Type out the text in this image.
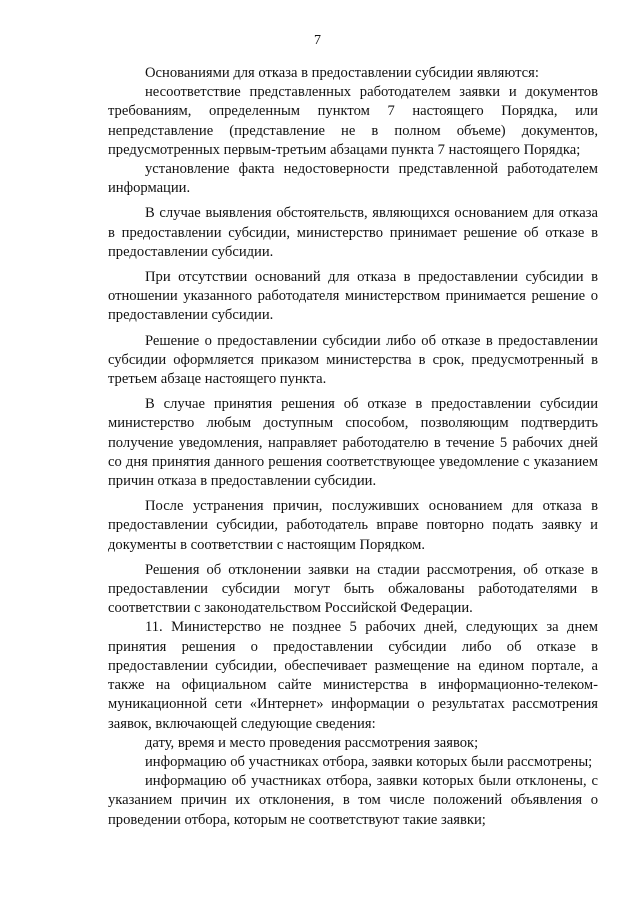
7

Основаниями для отказа в предоставлении субсидии являются:

несоответствие представленных работодателем заявки и документов требованиям, определенным пунктом 7 настоящего Порядка, или непредставление (представление не в полном объеме) документов, предусмотренных первым-третьим абзацами пункта 7 настоящего Порядка;

установление факта недостоверности представленной работодателем информации.

В случае выявления обстоятельств, являющихся основанием для отказа в предоставлении субсидии, министерство принимает решение об отказе в предоставлении субсидии.

При отсутствии оснований для отказа в предоставлении субсидии в отношении указанного работодателя министерством принимается решение о предоставлении субсидии.

Решение о предоставлении субсидии либо об отказе в предоставлении субсидии оформляется приказом министерства в срок, предусмотренный в третьем абзаце настоящего пункта.

В случае принятия решения об отказе в предоставлении субсидии министерство любым доступным способом, позволяющим подтвердить получение уведомления, направляет работодателю в течение 5 рабочих дней со дня принятия данного решения соответствующее уведомление с указанием причин отказа в предоставлении субсидии.

После устранения причин, послуживших основанием для отказа в предоставлении субсидии, работодатель вправе повторно подать заявку и документы в соответствии с настоящим Порядком.

Решения об отклонении заявки на стадии рассмотрения, об отказе в предоставлении субсидии могут быть обжалованы работодателями в соответствии с законодательством Российской Федерации.

11. Министерство не позднее 5 рабочих дней, следующих за днем принятия решения о предоставлении субсидии либо об отказе в предоставлении субсидии, обеспечивает размещение на едином портале, а также на официальном сайте министерства в информационно-телеком-муникационной сети «Интернет» информации о результатах рассмотрения заявок, включающей следующие сведения:

дату, время и место проведения рассмотрения заявок;

информацию об участниках отбора, заявки которых были рассмотрены;

информацию об участниках отбора, заявки которых были отклонены, с указанием причин их отклонения, в том числе положений объявления о проведении отбора, которым не соответствуют такие заявки;
